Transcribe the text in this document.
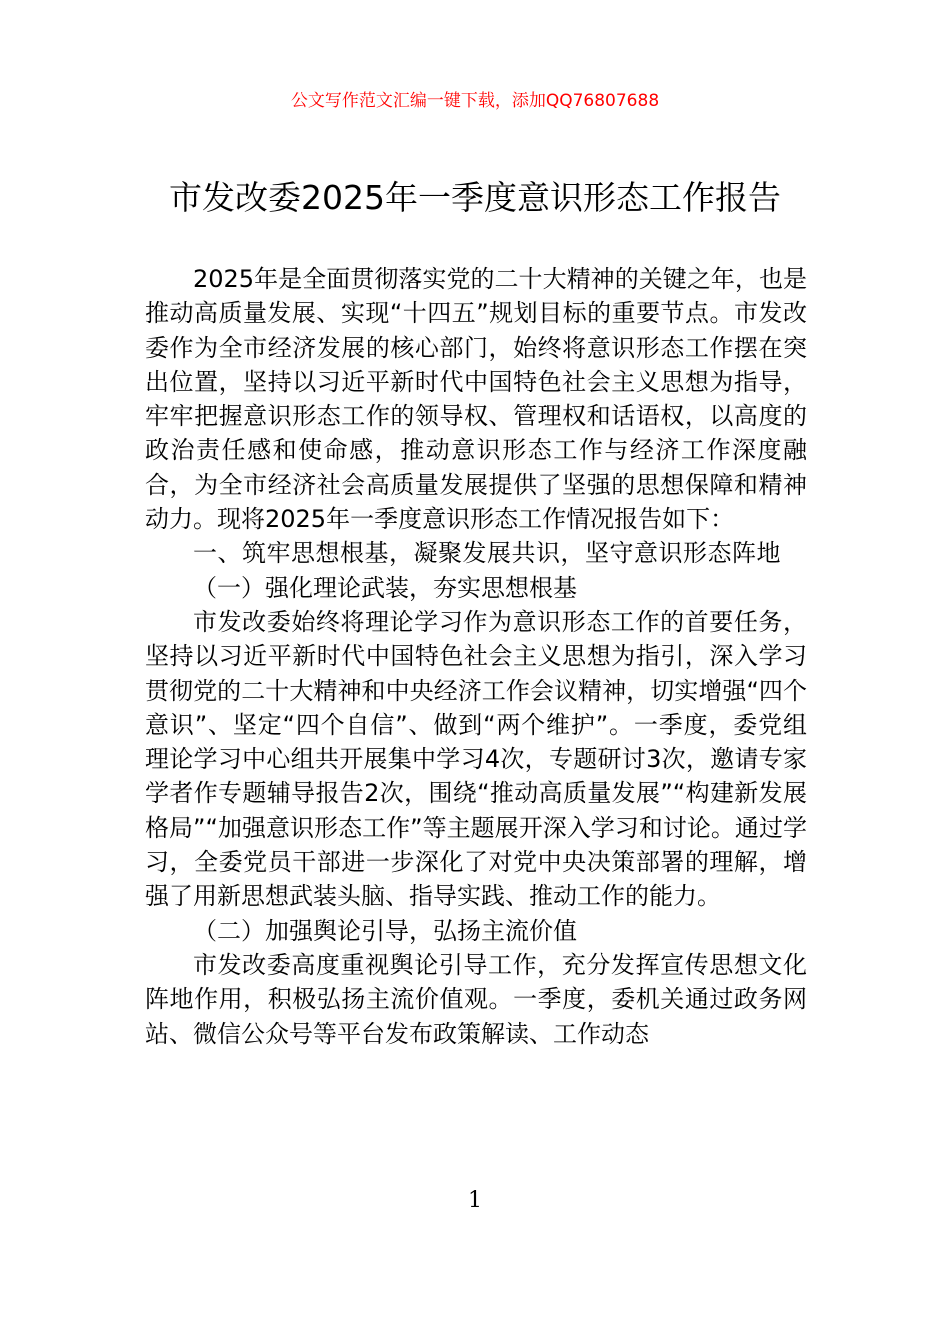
公文写作范文汇编一键下载，添加QQ76807688
市发改委2025年一季度意识形态工作报告

2025年是全面贯彻落实党的二十大精神的关键之年，也是推动高质量发展、实现“十四五”规划目标的重要节点。市发改委作为全市经济发展的核心部门，始终将意识形态工作摆在突出位置，坚持以习近平新时代中国特色社会主义思想为指导，牢牢把握意识形态工作的领导权、管理权和话语权，以高度的政治责任感和使命感，推动意识形态工作与经济工作深度融合，为全市经济社会高质量发展提供了坚强的思想保障和精神动力。现将2025年一季度意识形态工作情况报告如下：

一、筑牢思想根基，凝聚发展共识，坚守意识形态阵地

（一）强化理论武装，夯实思想根基

市发改委始终将理论学习作为意识形态工作的首要任务，坚持以习近平新时代中国特色社会主义思想为指引，深入学习贯彻党的二十大精神和中央经济工作会议精神，切实增强“四个意识”、坚定“四个自信”、做到“两个维护”。一季度，委党组理论学习中心组共开展集中学习4次，专题研讨3次，邀请专家学者作专题辅导报告2次，围绕“推动高质量发展”“构建新发展格局”“加强意识形态工作”等主题展开深入学习和讨论。通过学习，全委党员干部进一步深化了对党中央决策部署的理解，增强了用新思想武装头脑、指导实践、推动工作的能力。

（二）加强舆论引导，弘扬主流价值

市发改委高度重视舆论引导工作，充分发挥宣传思想文化阵地作用，积极弘扬主流价值观。一季度，委机关通过政务网站、微信公众号等平台发布政策解读、工作动态

1
